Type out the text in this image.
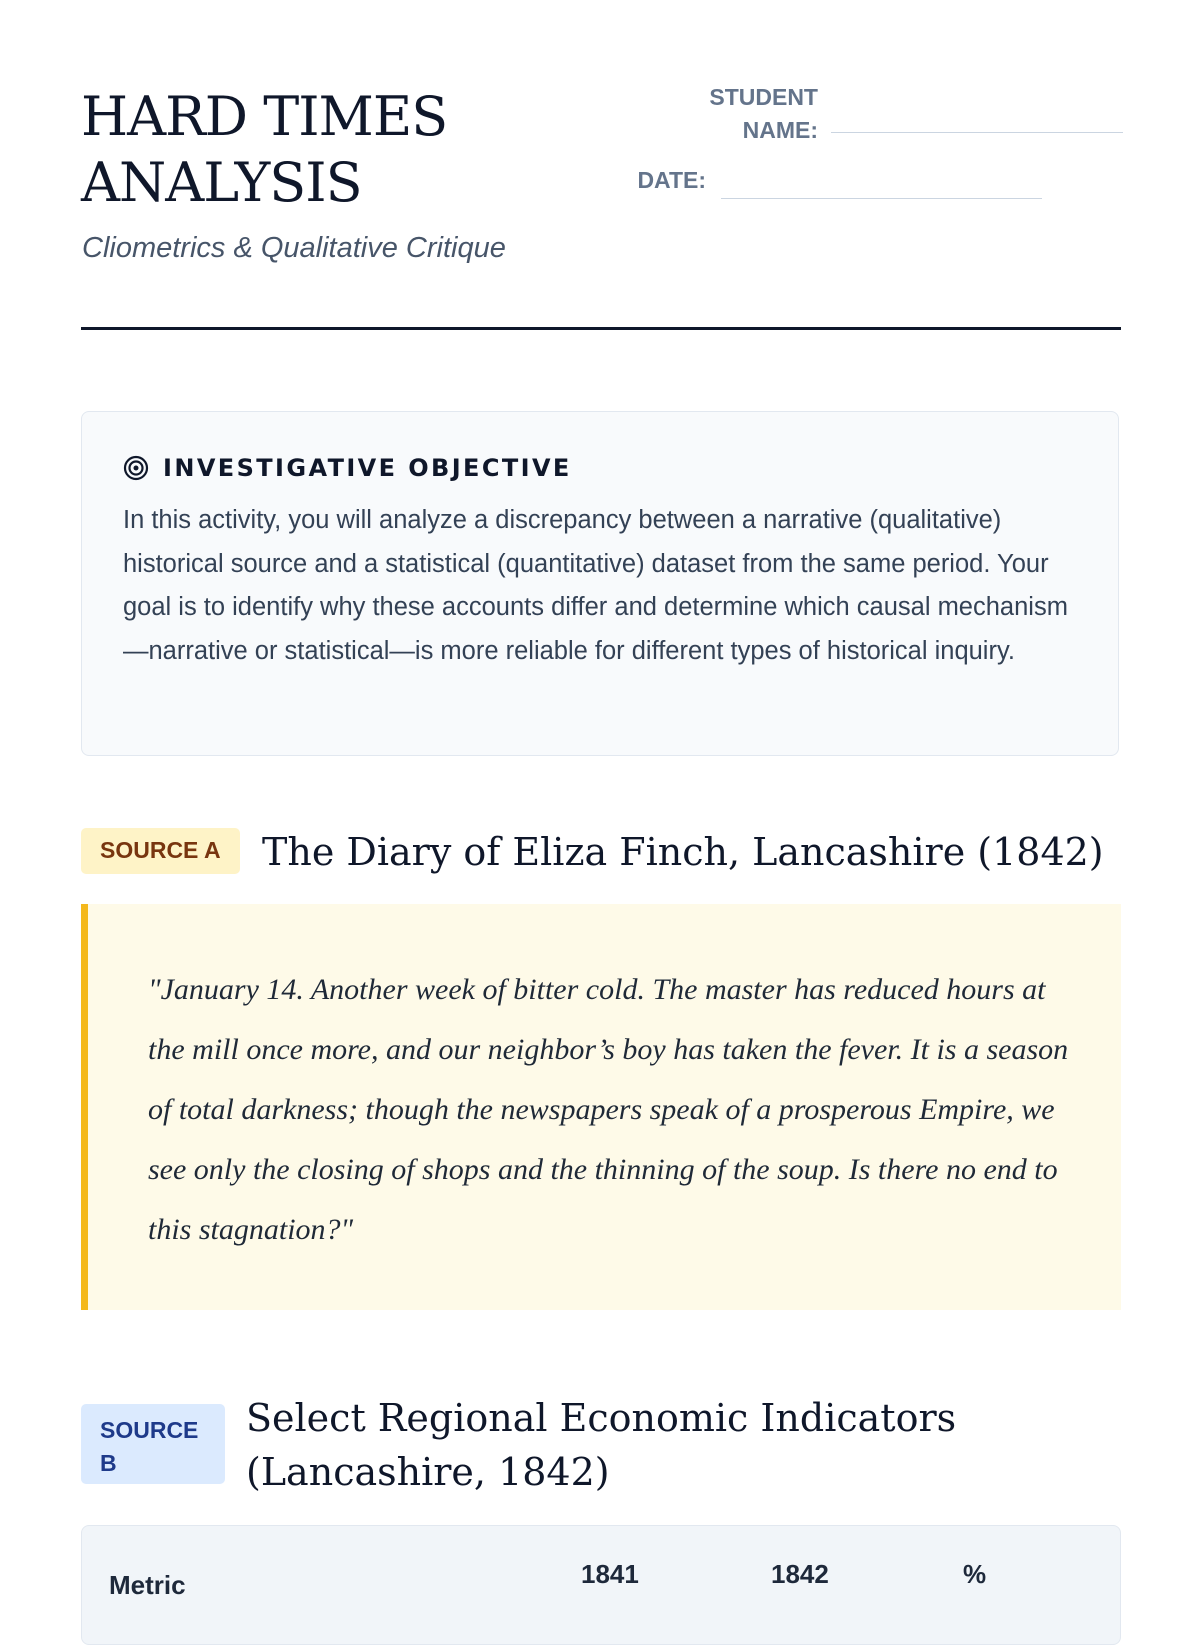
HARD TIMES
ANALYSIS
Cliometrics & Qualitative Critique
STUDENT
NAME:
DATE:
INVESTIGATIVE OBJECTIVE

In this activity, you will analyze a discrepancy between a narrative (qualitative) historical source and a statistical (quantitative) dataset from the same period. Your goal is to identify why these accounts differ and determine which causal mechanism—narrative or statistical—is more reliable for different types of historical inquiry.

SOURCE A	The Diary of Eliza Finch, Lancashire (1842)

"January 14. Another week of bitter cold. The master has reduced hours at the mill once more, and our neighbor’s boy has taken the fever. It is a season of total darkness; though the newspapers speak of a prosperous Empire, we see only the closing of shops and the thinning of the soup. Is there no end to this stagnation?"

SOURCE
B
Select Regional Economic Indicators (Lancashire, 1842)
Metric	1841	1842	%
